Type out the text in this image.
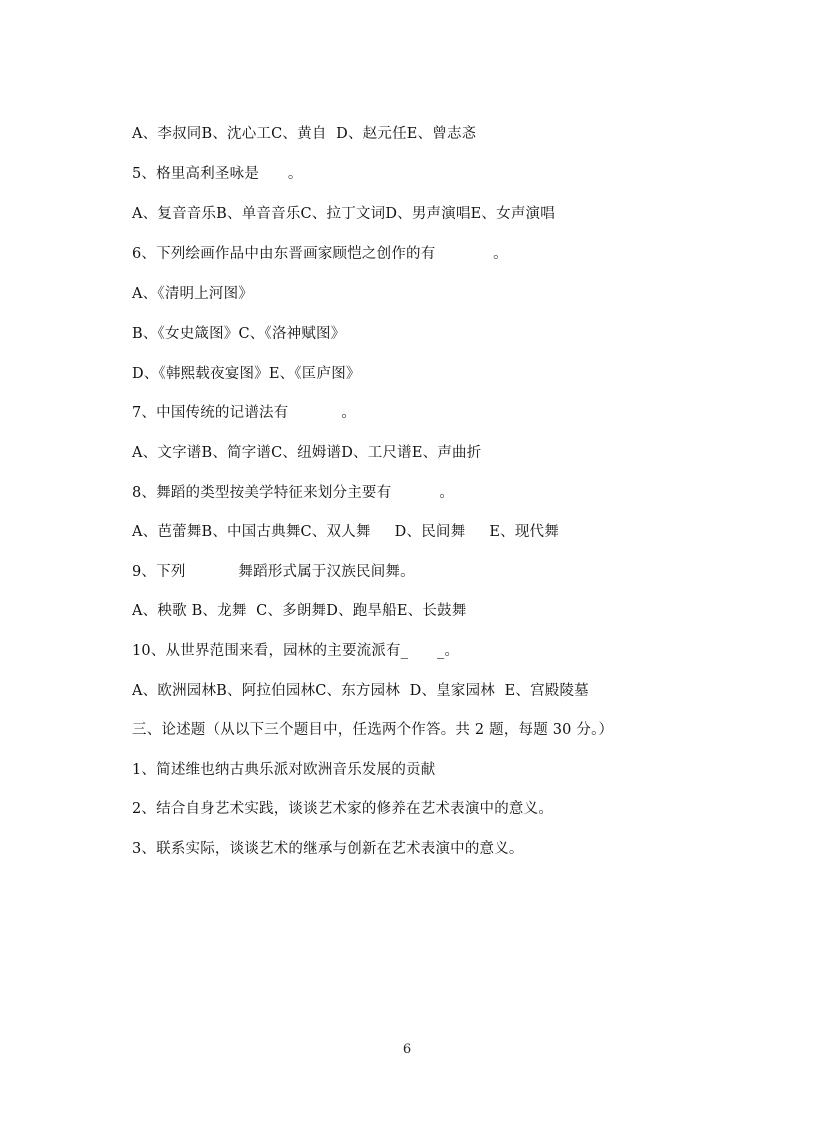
A、李叔同B、沈心工C、黄自  D、赵元任E、曾志忞
5、格里高利圣咏是      。
A、复音音乐B、单音音乐C、拉丁文词D、男声演唱E、女声演唱
6、下列绘画作品中由东晋画家顾恺之创作的有            。
A、《清明上河图》
B、《女史箴图》C、《洛神赋图》
D、《韩熙载夜宴图》E、《匡庐图》
7、中国传统的记谱法有           。
A、文字谱B、简字谱C、纽姆谱D、工尺谱E、声曲折
8、舞蹈的类型按美学特征来划分主要有          。
A、芭蕾舞B、中国古典舞C、双人舞     D、民间舞     E、现代舞
9、下列           舞蹈形式属于汉族民间舞。
A、秧歌 B、龙舞  C、多朗舞D、跑旱船E、长鼓舞
10、从世界范围来看，园林的主要流派有_      _。
A、欧洲园林B、阿拉伯园林C、东方园林  D、皇家园林  E、宫殿陵墓
三、论述题（从以下三个题目中，任选两个作答。共 2 题，每题 30 分。）
1、简述维也纳古典乐派对欧洲音乐发展的贡献
2、结合自身艺术实践，谈谈艺术家的修养在艺术表演中的意义。
3、联系实际，谈谈艺术的继承与创新在艺术表演中的意义。
6
